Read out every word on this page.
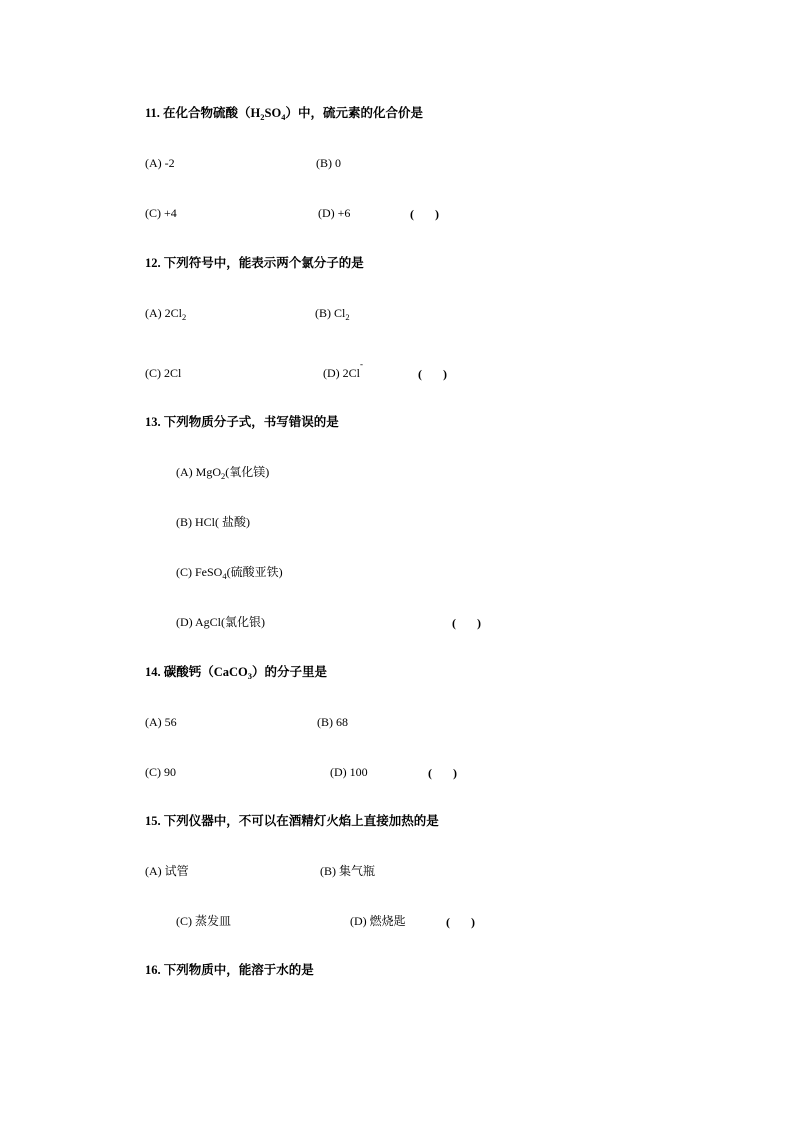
11. 在化合物硫酸$(H_2SO_4)$中，硫元素的化合价是
(A) -2	(B) 0
(C) +4	(D) +6	(       )
12. 下列符号中，能表示两个氯分子的是
(A) $2Cl_2$	(B) $Cl_2$
(C) 2Cl	(D) 2Cl-
(       )
13. 下列物质分子式，书写错误的是
(A) MgO$_2$(氧化镁)
(B) HCl( 盐酸)
(C) FeSO$_4$(硫酸亚铁)
(D) AgCl(氯化银)	(       )
14. 碳酸钙（CaCO$_3$）的分子里是
(A) 56	(B) 68
(C) 90	(D) 100	(       )
15. 下列仪器中，不可以在酒精灯火焰上直接加热的是
(A) 试管	(B) 集气瓶
(C) 蒸发皿	(D) 燃烧匙	(       )
16. 下列物质中，能溶于水的是
